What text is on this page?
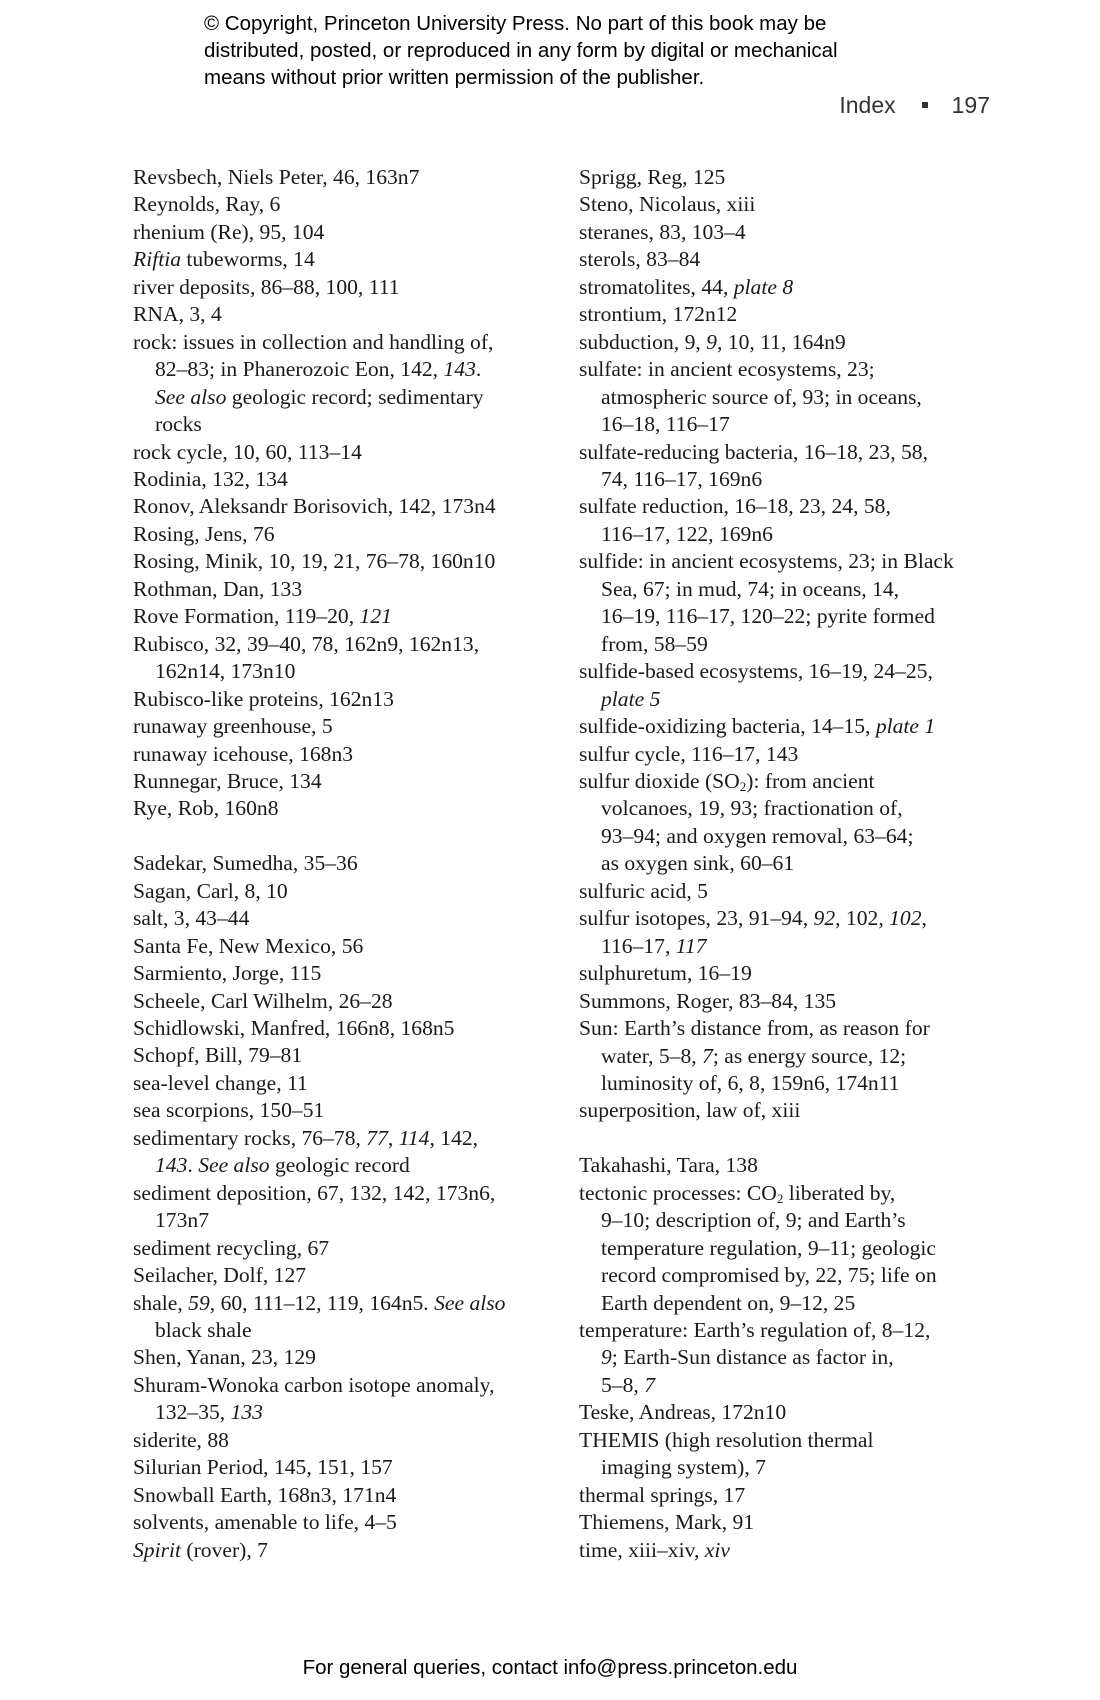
© Copyright, Princeton University Press. No part of this book may be
distributed, posted, or reproduced in any form by digital or mechanical
means without prior written permission of the publisher.
Index 197
Revsbech, Niels Peter, 46, 163n7
Reynolds, Ray, 6
rhenium (Re), 95, 104
Riftia tubeworms, 14
river deposits, 86–88, 100, 111
RNA, 3, 4
rock: issues in collection and handling of,
82–83; in Phanerozoic Eon, 142, 143.
See also geologic record; sedimentary
rocks
rock cycle, 10, 60, 113–14
Rodinia, 132, 134
Ronov, Aleksandr Borisovich, 142, 173n4
Rosing, Jens, 76
Rosing, Minik, 10, 19, 21, 76–78, 160n10
Rothman, Dan, 133
Rove Formation, 119–20, 121
Rubisco, 32, 39–40, 78, 162n9, 162n13,
162n14, 173n10
Rubisco-like proteins, 162n13
runaway greenhouse, 5
runaway icehouse, 168n3
Runnegar, Bruce, 134
Rye, Rob, 160n8
Sadekar, Sumedha, 35–36
Sagan, Carl, 8, 10
salt, 3, 43–44
Santa Fe, New Mexico, 56
Sarmiento, Jorge, 115
Scheele, Carl Wilhelm, 26–28
Schidlowski, Manfred, 166n8, 168n5
Schopf, Bill, 79–81
sea-level change, 11
sea scorpions, 150–51
sedimentary rocks, 76–78, 77, 114, 142,
143. See also geologic record
sediment deposition, 67, 132, 142, 173n6,
173n7
sediment recycling, 67
Seilacher, Dolf, 127
shale, 59, 60, 111–12, 119, 164n5. See also
black shale
Shen, Yanan, 23, 129
Shuram-Wonoka carbon isotope anomaly,
132–35, 133
siderite, 88
Silurian Period, 145, 151, 157
Snowball Earth, 168n3, 171n4
solvents, amenable to life, 4–5
Spirit (rover), 7
Sprigg, Reg, 125
Steno, Nicolaus, xiii
steranes, 83, 103–4
sterols, 83–84
stromatolites, 44, plate 8
strontium, 172n12
subduction, 9, 9, 10, 11, 164n9
sulfate: in ancient ecosystems, 23;
atmospheric source of, 93; in oceans,
16–18, 116–17
sulfate-reducing bacteria, 16–18, 23, 58,
74, 116–17, 169n6
sulfate reduction, 16–18, 23, 24, 58,
116–17, 122, 169n6
sulfide: in ancient ecosystems, 23; in Black
Sea, 67; in mud, 74; in oceans, 14,
16–19, 116–17, 120–22; pyrite formed
from, 58–59
sulfide-based ecosystems, 16–19, 24–25,
plate 5
sulfide-oxidizing bacteria, 14–15, plate 1
sulfur cycle, 116–17, 143
sulfur dioxide $(SO_2)$: from ancient
volcanoes, 19, 93; fractionation of,
93–94; and oxygen removal, 63–64;
as oxygen sink, 60–61
sulfuric acid, 5
sulfur isotopes, 23, 91–94, 92, 102, 102,
116–17, 117
sulphuretum, 16–19
Summons, Roger, 83–84, 135
Sun: Earth’s distance from, as reason for
water, 5–8, 7; as energy source, 12;
luminosity of, 6, 8, 159n6, 174n11
superposition, law of, xiii
Takahashi, Tara, 138
tectonic processes: $CO_2$ liberated by,
9–10; description of, 9; and Earth’s
temperature regulation, 9–11; geologic
record compromised by, 22, 75; life on
Earth dependent on, 9–12, 25
temperature: Earth’s regulation of, 8–12,
9; Earth-Sun distance as factor in,
5–8, 7
Teske, Andreas, 172n10
THEMIS (high resolution thermal
imaging system), 7
thermal springs, 17
Thiemens, Mark, 91
time, xiii–xiv, xiv
For general queries, contact info@press.princeton.edu
